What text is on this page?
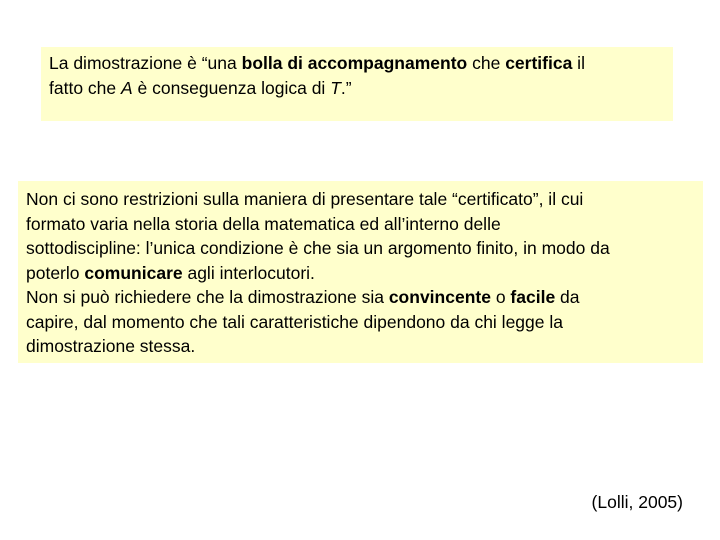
La dimostrazione è “una bolla di accompagnamento che certifica il
fatto che A è conseguenza logica di T.”
Non ci sono restrizioni sulla maniera di presentare tale “certificato”, il cui
formato varia nella storia della matematica ed all’interno delle
sottodiscipline: l’unica condizione è che sia un argomento finito, in modo da
poterlo comunicare agli interlocutori.
Non si può richiedere che la dimostrazione sia convincente o facile da
capire, dal momento che tali caratteristiche dipendono da chi legge la
dimostrazione stessa.
(Lolli, 2005)
